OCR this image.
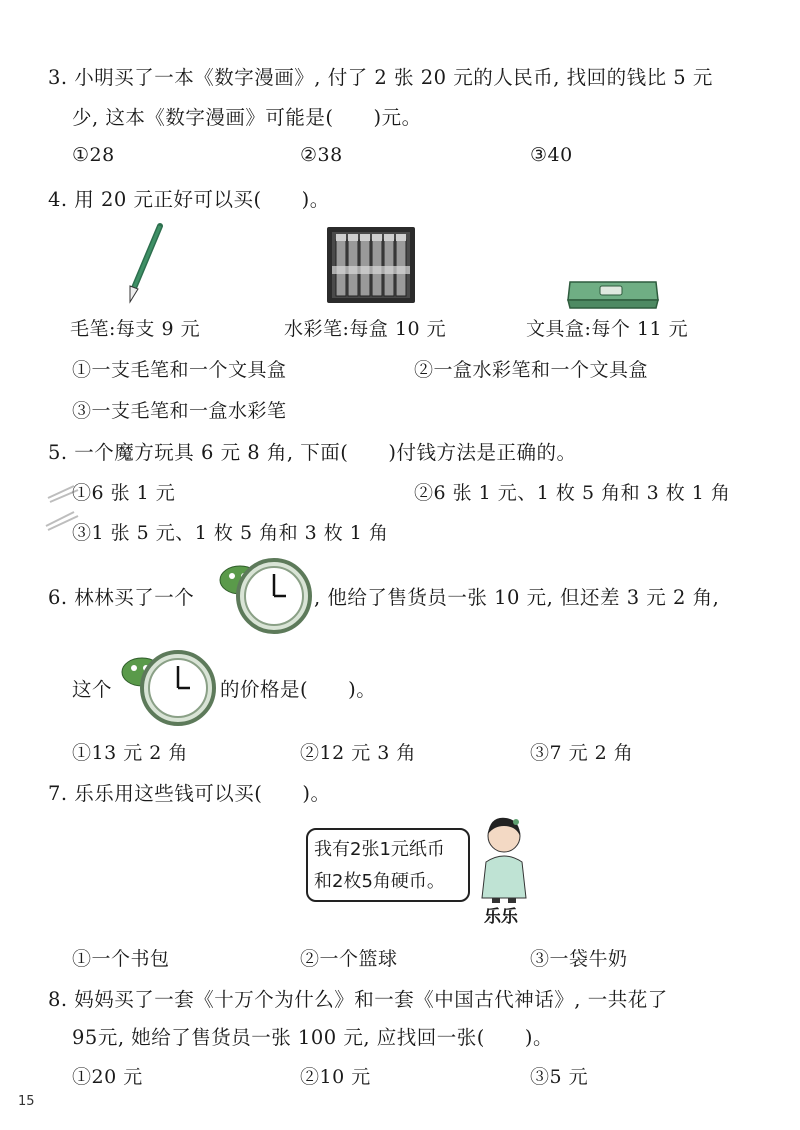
3. 小明买了一本《数字漫画》, 付了 2 张 20 元的人民币, 找回的钱比 5 元
少, 这本《数字漫画》可能是(　　)元。
①28	②38	③40
4. 用 20 元正好可以买(　　)。
毛笔:每支 9 元	水彩笔:每盒 10 元	文具盒:每个 11 元
①一支毛笔和一个文具盒	②一盒水彩笔和一个文具盒
③一支毛笔和一盒水彩笔
5. 一个魔方玩具 6 元 8 角, 下面(　　)付钱方法是正确的。
①6 张 1 元	②6 张 1 元、1 枚 5 角和 3 枚 1 角
③1 张 5 元、1 枚 5 角和 3 枚 1 角
6. 林林买了一个	, 他给了售货员一张 10 元, 但还差 3 元 2 角,
这个	的价格是(　　)。
①13 元 2 角	②12 元 3 角	③7 元 2 角
7. 乐乐用这些钱可以买(　　)。
我有2张1元纸币
和2枚5角硬币。
乐乐
①一个书包	②一个篮球	③一袋牛奶
8. 妈妈买了一套《十万个为什么》和一套《中国古代神话》, 一共花了
95元, 她给了售货员一张 100 元, 应找回一张(　　)。
①20 元	②10 元	③5 元
15
